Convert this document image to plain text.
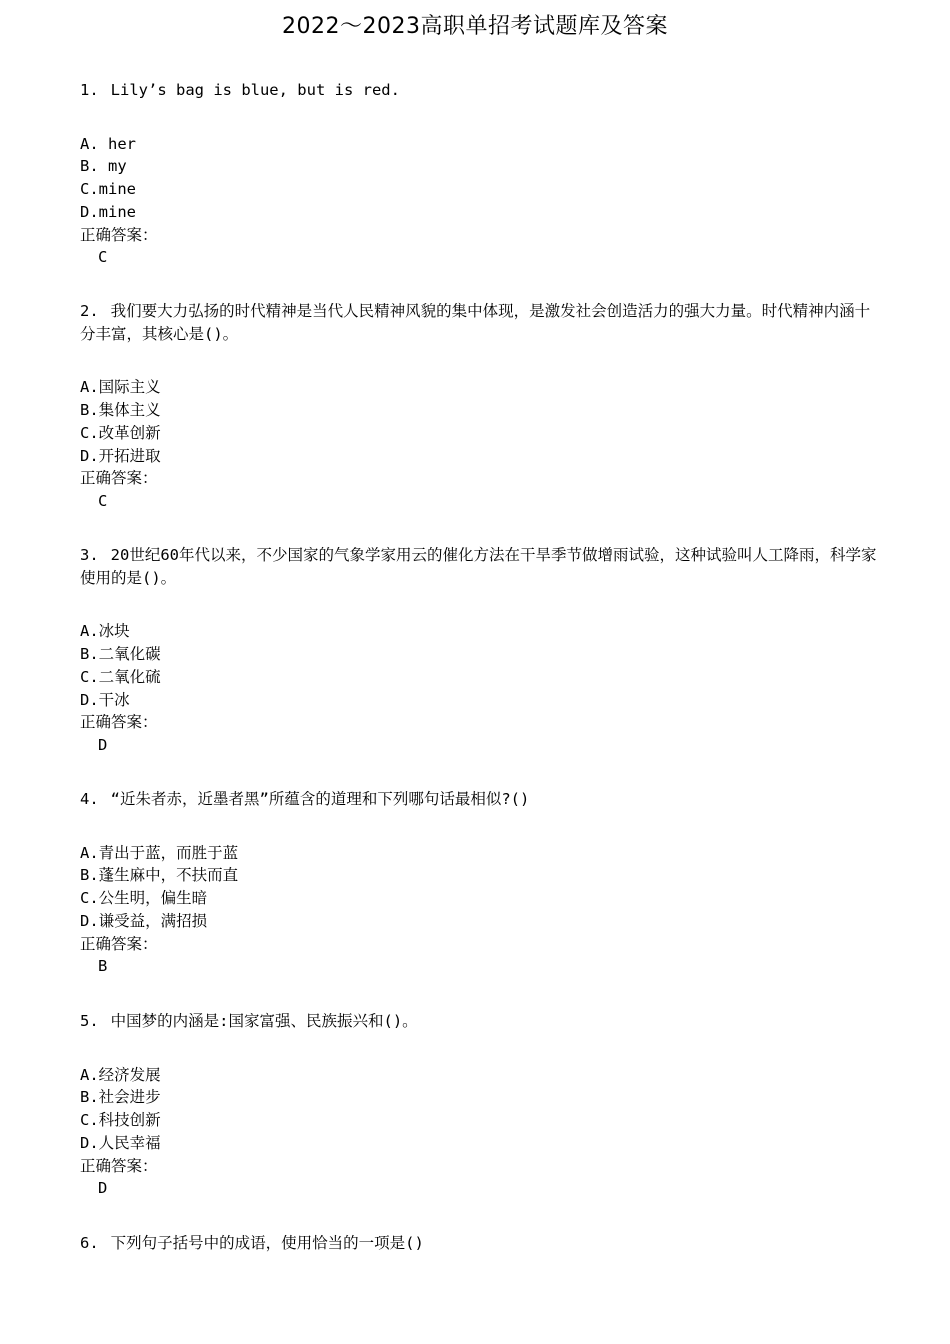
2022～2023高职单招考试题库及答案

1. Lily’s bag is blue, but is red.

A. her
B. my
C.mine
D.mine
正确答案：
C

2. 我们要大力弘扬的时代精神是当代人民精神风貌的集中体现，是激发社会创造活力的强大力量。时代精神内涵十分丰富，其核心是()。

A.国际主义
B.集体主义
C.改革创新
D.开拓进取
正确答案：
C

3. 20世纪60年代以来，不少国家的气象学家用云的催化方法在干旱季节做增雨试验，这种试验叫人工降雨，科学家使用的是()。

A.冰块
B.二氧化碳
C.二氧化硫
D.干冰
正确答案：
D

4. “近朱者赤，近墨者黑”所蕴含的道理和下列哪句话最相似?()

A.青出于蓝，而胜于蓝
B.蓬生麻中，不扶而直
C.公生明，偏生暗
D.谦受益，满招损
正确答案：
B

5. 中国梦的内涵是:国家富强、民族振兴和()。

A.经济发展
B.社会进步
C.科技创新
D.人民幸福
正确答案：
D

6. 下列句子括号中的成语，使用恰当的一项是()
